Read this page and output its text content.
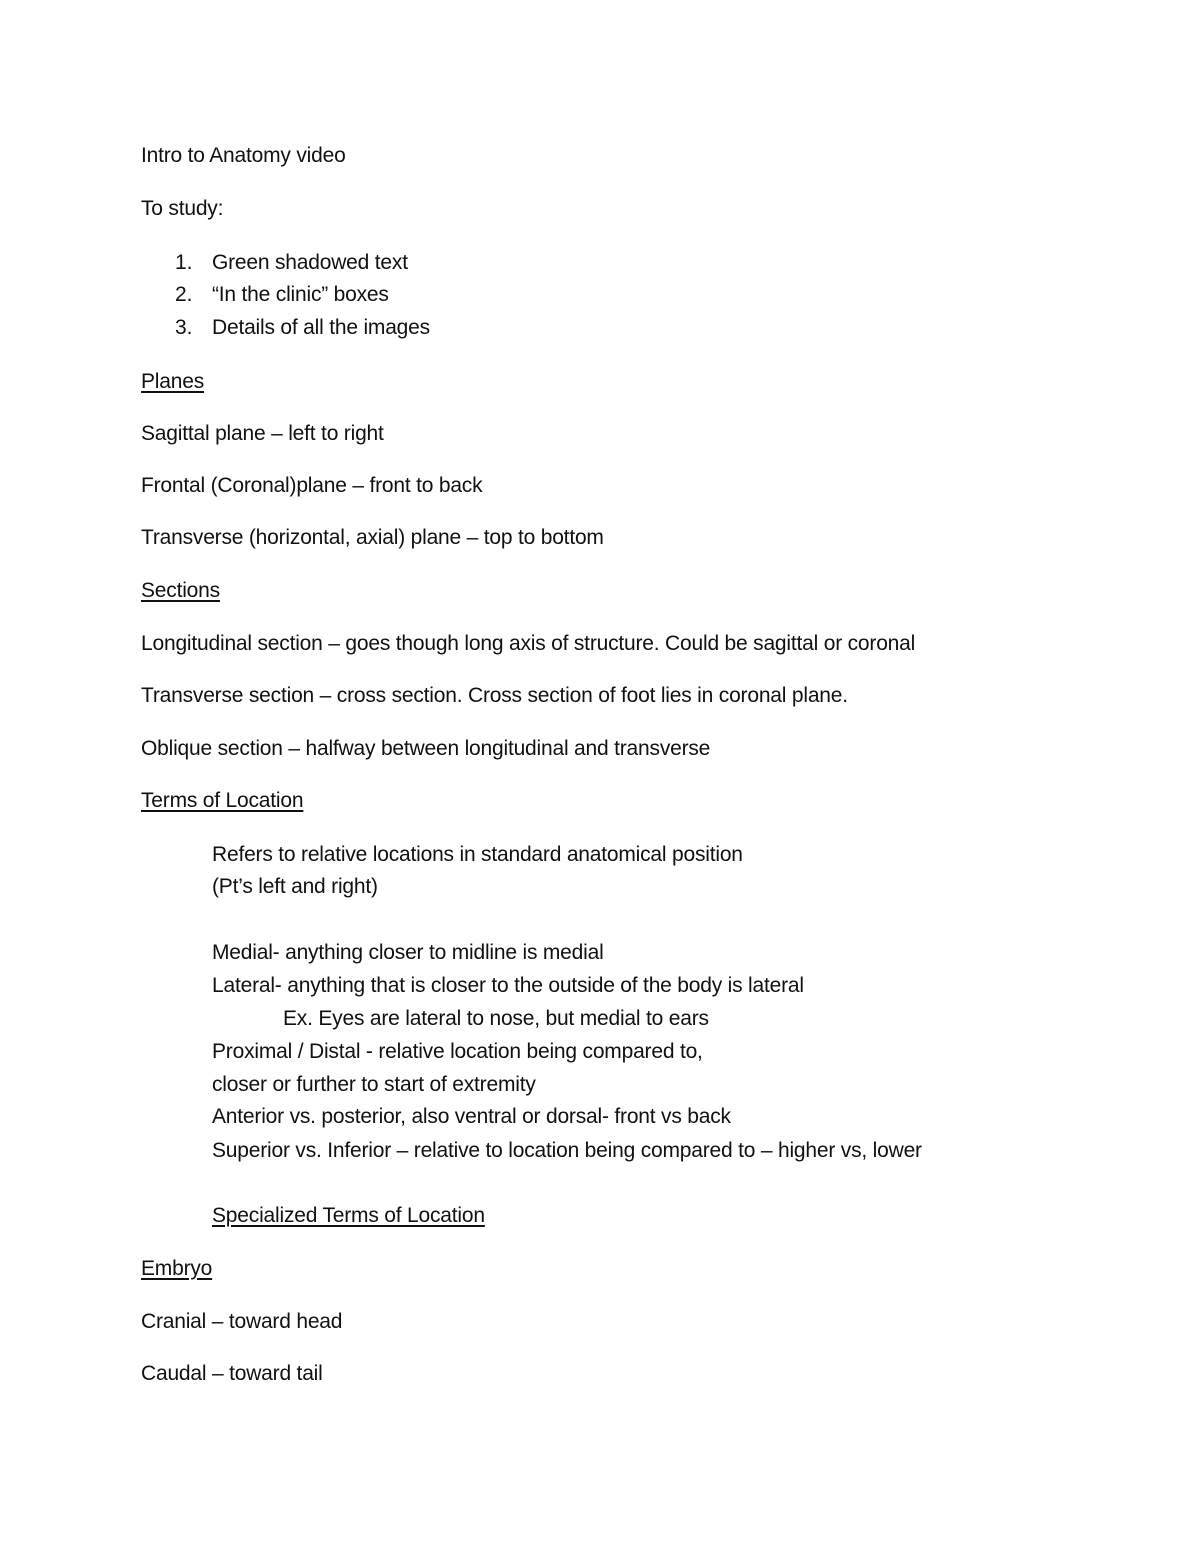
Intro to Anatomy video
To study:
1. Green shadowed text
2. “In the clinic” boxes
3. Details of all the images
Planes
Sagittal plane – left to right
Frontal (Coronal)plane – front to back
Transverse (horizontal, axial) plane – top to bottom
Sections
Longitudinal section – goes though long axis of structure. Could be sagittal or coronal
Transverse section – cross section. Cross section of foot lies in coronal plane.
Oblique section – halfway between longitudinal and transverse
Terms of Location
Refers to relative locations in standard anatomical position
(Pt’s left and right)
Medial- anything closer to midline is medial
Lateral- anything that is closer to the outside of the body is lateral
Ex. Eyes are lateral to nose, but medial to ears
Proximal / Distal - relative location being compared to,
closer or further to start of extremity
Anterior vs. posterior, also ventral or dorsal- front vs back
Superior vs. Inferior – relative to location being compared to – higher vs, lower
Specialized Terms of Location
Embryo
Cranial – toward head
Caudal – toward tail
